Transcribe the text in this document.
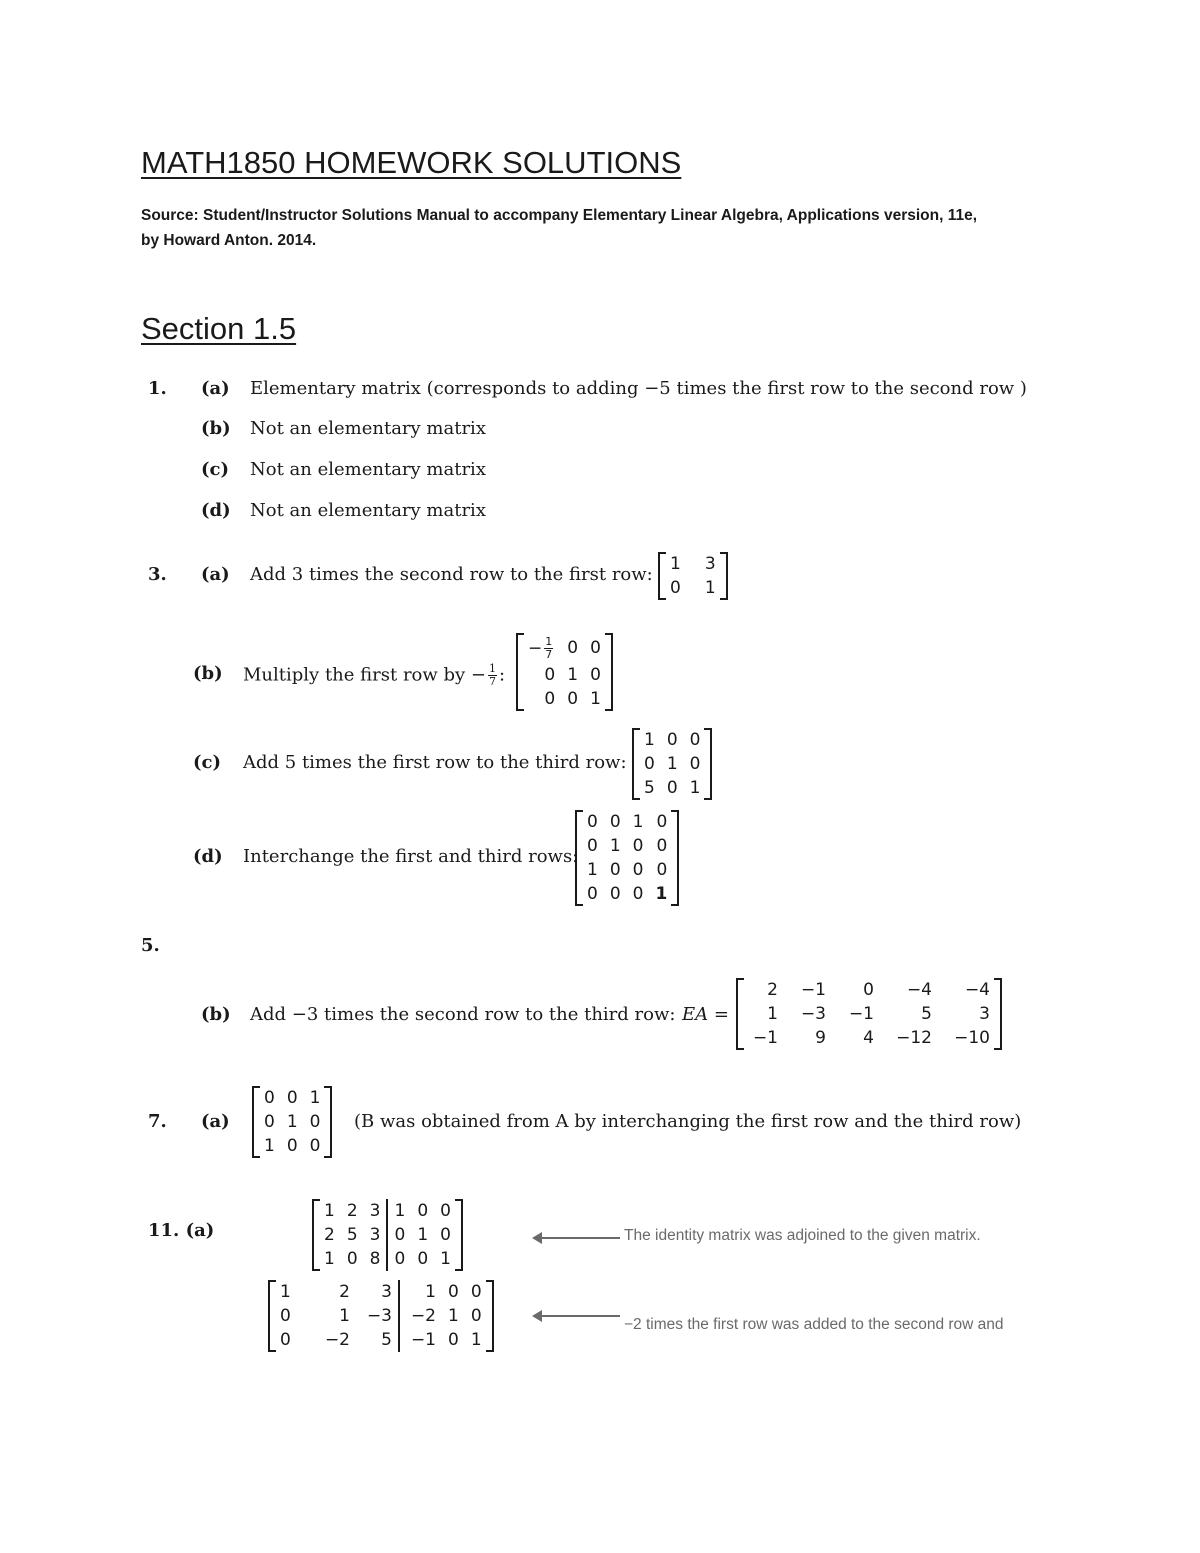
MATH1850 HOMEWORK SOLUTIONS
Source: Student/Instructor Solutions Manual to accompany Elementary Linear Algebra, Applications version, 11e,
by Howard Anton. 2014.
Section 1.5
1. (a) Elementary matrix (corresponds to adding −5 times the first row to the second row )
(b) Not an elementary matrix
(c) Not an elementary matrix
(d) Not an elementary matrix
3. (a) Add 3 times the second row to the first row: 1	3
0	1
(b) Multiply the first row by − $\frac{1}{7}$ :
− $\frac{1}{7}$	0	0
0	1	0
0	0	1
(c) Add 5 times the first row to the third row:
1	0	0
0	1	0
5	0	1
(d) Interchange the first and third rows:
0	0	1	0
0	1	0	0
1	0	0	0
0	0	0	1
5.
(b) Add −3 times the second row to the third row: EA =
2	−1	0	−4	−4
1	−3	−1	5	3
−1	9	4	−12	−10
7. (a)
0	0	1
0	1	0
1	0	0
(B was obtained from A by interchanging the first row and the third row)
11. (a)
1	2	3	1	0	0
2	5	3	0	1	0
1	0	8	0	0	1
The identity matrix was adjoined to the given matrix.
1	2	3	1	0	0
0	1	−3	−2	1	0
0	−2	5	−1	0	1
−2 times the first row was added to the second row and
